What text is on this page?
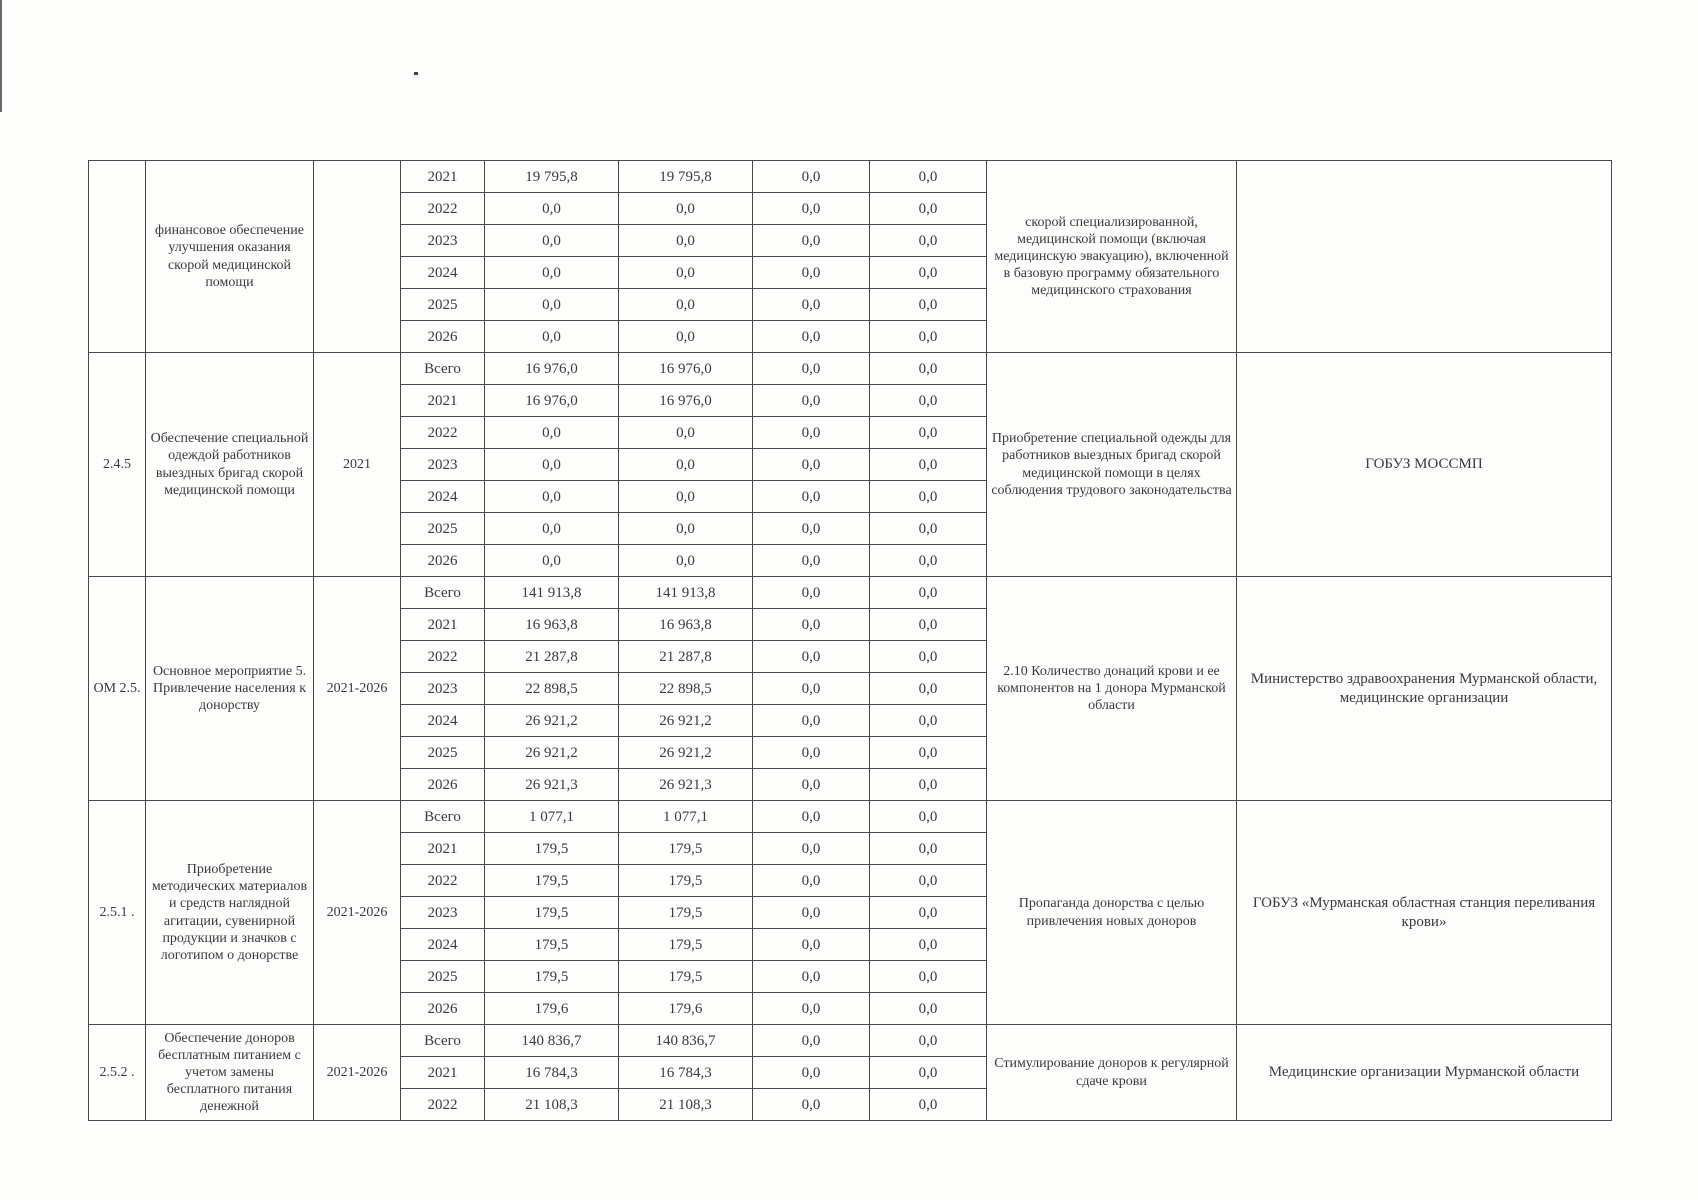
	финансовое обеспечение улучшения оказания скорой медицинской помощи		2021	19 795,8	19 795,8	0,0	0,0	скорой специализированной, медицинской помощи (включая медицинскую эвакуацию), включенной в базовую программу обязательного медицинского страхования	
			2022	0,0	0,0	0,0	0,0		
			2023	0,0	0,0	0,0	0,0		
			2024	0,0	0,0	0,0	0,0		
			2025	0,0	0,0	0,0	0,0		
			2026	0,0	0,0	0,0	0,0		
2.4.5	Обеспечение специальной одеждой работников выездных бригад скорой медицинской помощи	2021	Всего	16 976,0	16 976,0	0,0	0,0	Приобретение специальной одежды для работников выездных бригад скорой медицинской помощи в целях соблюдения трудового законодательства	ГОБУЗ МОССМП
			2021	16 976,0	16 976,0	0,0	0,0		
			2022	0,0	0,0	0,0	0,0		
			2023	0,0	0,0	0,0	0,0		
			2024	0,0	0,0	0,0	0,0		
			2025	0,0	0,0	0,0	0,0		
			2026	0,0	0,0	0,0	0,0		
ОМ 2.5.	Основное мероприятие 5. Привлечение населения к донорству	2021-2026	Всего	141 913,8	141 913,8	0,0	0,0	2.10 Количество донаций крови и ее компонентов на 1 донора Мурманской области	Министерство здравоохранения Мурманской области, медицинские организации
			2021	16 963,8	16 963,8	0,0	0,0		
			2022	21 287,8	21 287,8	0,0	0,0		
			2023	22 898,5	22 898,5	0,0	0,0		
			2024	26 921,2	26 921,2	0,0	0,0		
			2025	26 921,2	26 921,2	0,0	0,0		
			2026	26 921,3	26 921,3	0,0	0,0		
2.5.1 .	Приобретение методических материалов и средств наглядной агитации, сувенирной продукции и значков с логотипом о донорстве	2021-2026	Всего	1 077,1	1 077,1	0,0	0,0	Пропаганда донорства с целью привлечения новых доноров	ГОБУЗ «Мурманская областная станция переливания крови»
			2021	179,5	179,5	0,0	0,0		
			2022	179,5	179,5	0,0	0,0		
			2023	179,5	179,5	0,0	0,0		
			2024	179,5	179,5	0,0	0,0		
			2025	179,5	179,5	0,0	0,0		
			2026	179,6	179,6	0,0	0,0		
2.5.2 .	Обеспечение доноров бесплатным питанием с учетом замены бесплатного питания денежной	2021-2026	Всего	140 836,7	140 836,7	0,0	0,0	Стимулирование доноров к регулярной сдаче крови	Медицинские организации Мурманской области
			2021	16 784,3	16 784,3	0,0	0,0		
			2022	21 108,3	21 108,3	0,0	0,0		
